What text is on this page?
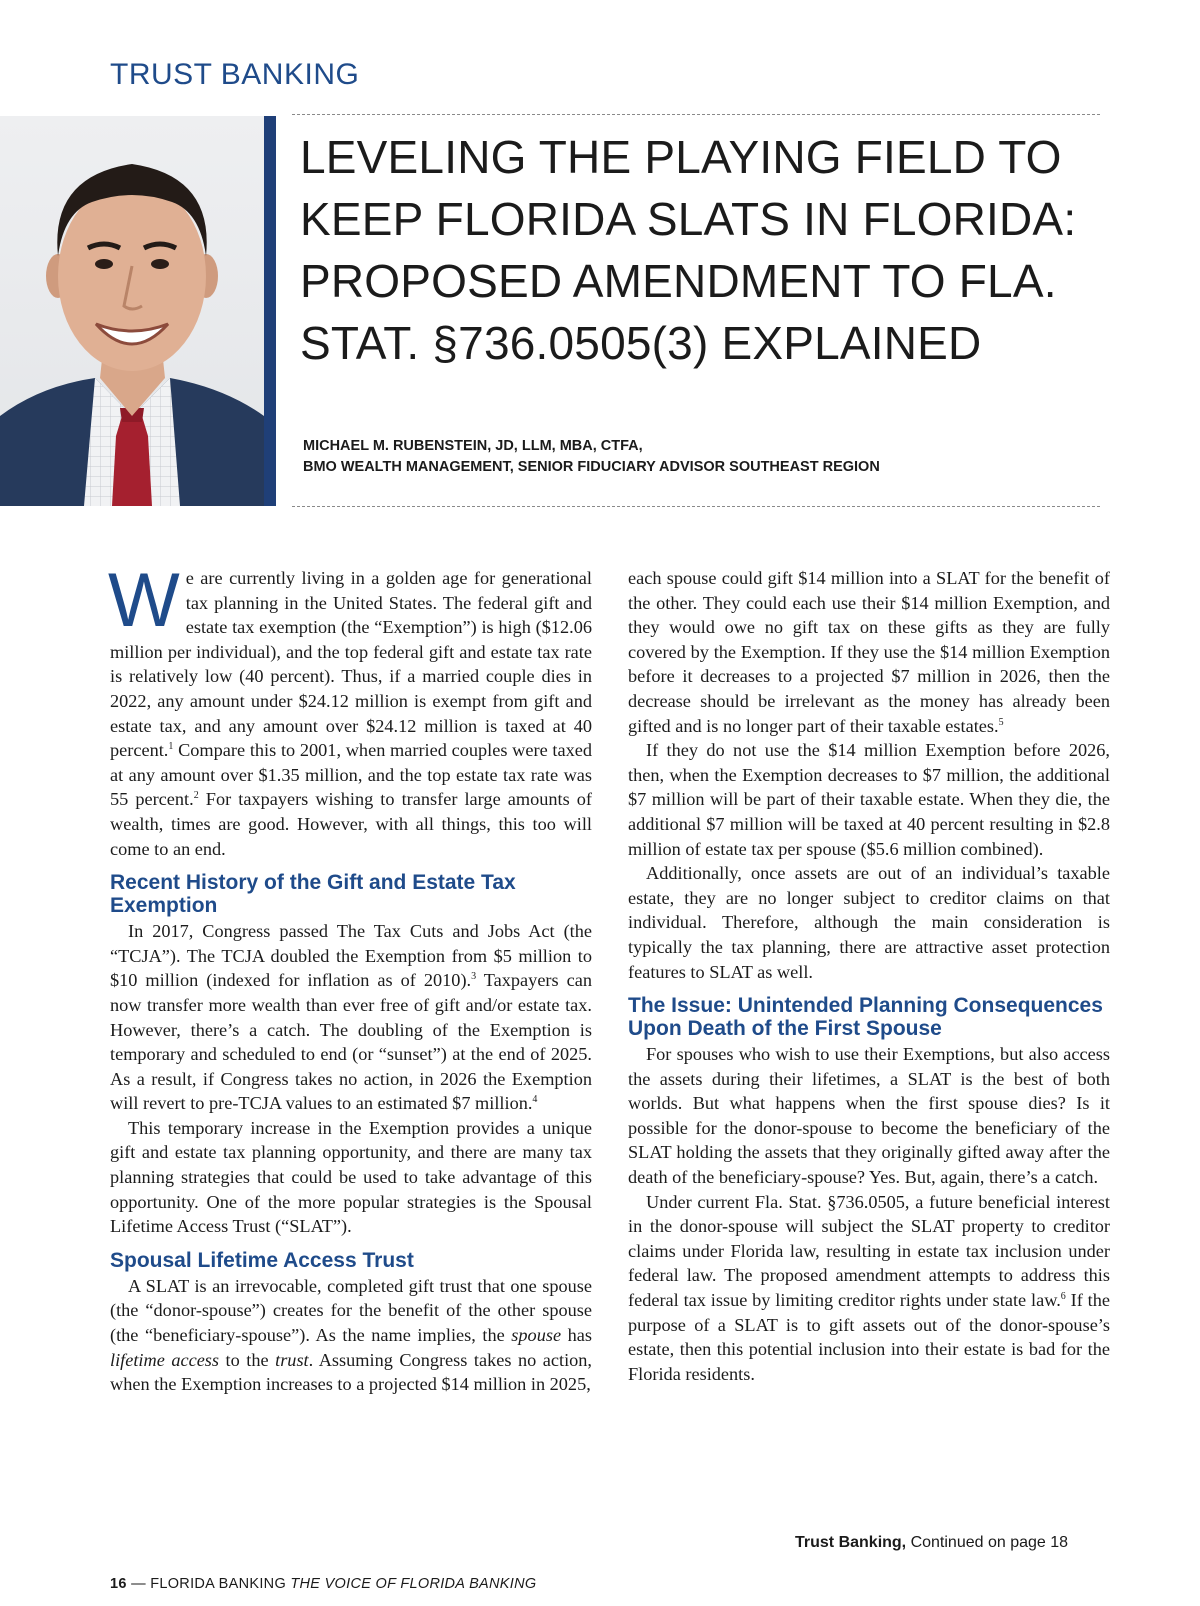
TRUST BANKING
LEVELING THE PLAYING FIELD TO KEEP FLORIDA SLATS IN FLORIDA: PROPOSED AMENDMENT TO FLA. STAT. §736.0505(3) EXPLAINED
MICHAEL M. RUBENSTEIN, JD, LLM, MBA, CTFA,
BMO WEALTH MANAGEMENT, SENIOR FIDUCIARY ADVISOR SOUTHEAST REGION

We are currently living in a golden age for generational tax planning in the United States. The federal gift and estate tax exemption (the “Exemption”) is high ($12.06 million per individual), and the top federal gift and estate tax rate is relatively low (40 percent). Thus, if a married couple dies in 2022, any amount under $24.12 million is exempt from gift and estate tax, and any amount over $24.12 million is taxed at 40 percent.$^1$ Compare this to 2001, when married couples were taxed at any amount over $1.35 million, and the top estate tax rate was 55 percent.$^2$ For taxpayers wishing to transfer large amounts of wealth, times are good. However, with all things, this too will come to an end.

Recent History of the Gift and Estate Tax Exemption

In 2017, Congress passed The Tax Cuts and Jobs Act (the “TCJA”). The TCJA doubled the Exemption from $5 million to $10 million (indexed for inflation as of 2010).$^3$ Taxpayers can now transfer more wealth than ever free of gift and/or estate tax. However, there’s a catch. The doubling of the Exemption is temporary and scheduled to end (or “sunset”) at the end of 2025. As a result, if Congress takes no action, in 2026 the Exemption will revert to pre-TCJA values to an estimated $7 million.$^4$

This temporary increase in the Exemption provides a unique gift and estate tax planning opportunity, and there are many tax planning strategies that could be used to take advantage of this opportunity. One of the more popular strategies is the Spousal Lifetime Access Trust (“SLAT”).

Spousal Lifetime Access Trust

A SLAT is an irrevocable, completed gift trust that one spouse (the “donor-spouse”) creates for the benefit of the other spouse (the “beneficiary-spouse”). As the name implies, the spouse has lifetime access to the trust. Assuming Congress takes no action, when the Exemption increases to a projected $14 million in 2025,

each spouse could gift $14 million into a SLAT for the benefit of the other. They could each use their $14 million Exemption, and they would owe no gift tax on these gifts as they are fully covered by the Exemption. If they use the $14 million Exemption before it decreases to a projected $7 million in 2026, then the decrease should be irrelevant as the money has already been gifted and is no longer part of their taxable estates.$^5$

If they do not use the $14 million Exemption before 2026, then, when the Exemption decreases to $7 million, the additional $7 million will be part of their taxable estate. When they die, the additional $7 million will be taxed at 40 percent resulting in $2.8 million of estate tax per spouse ($5.6 million combined).

Additionally, once assets are out of an individual’s taxable estate, they are no longer subject to creditor claims on that individual. Therefore, although the main consideration is typically the tax planning, there are attractive asset protection features to SLAT as well.

The Issue: Unintended Planning Consequences Upon Death of the First Spouse

For spouses who wish to use their Exemptions, but also access the assets during their lifetimes, a SLAT is the best of both worlds. But what happens when the first spouse dies? Is it possible for the donor-spouse to become the beneficiary of the SLAT holding the assets that they originally gifted away after the death of the beneficiary-spouse? Yes. But, again, there’s a catch.

Under current Fla. Stat. §736.0505, a future beneficial interest in the donor-spouse will subject the SLAT property to creditor claims under Florida law, resulting in estate tax inclusion under federal law. The proposed amendment attempts to address this federal tax issue by limiting creditor rights under state law.$^6$ If the purpose of a SLAT is to gift assets out of the donor-spouse’s estate, then this potential inclusion into their estate is bad for the Florida residents.

Trust Banking, Continued on page 18
16 — FLORIDA BANKING THE VOICE OF FLORIDA BANKING
